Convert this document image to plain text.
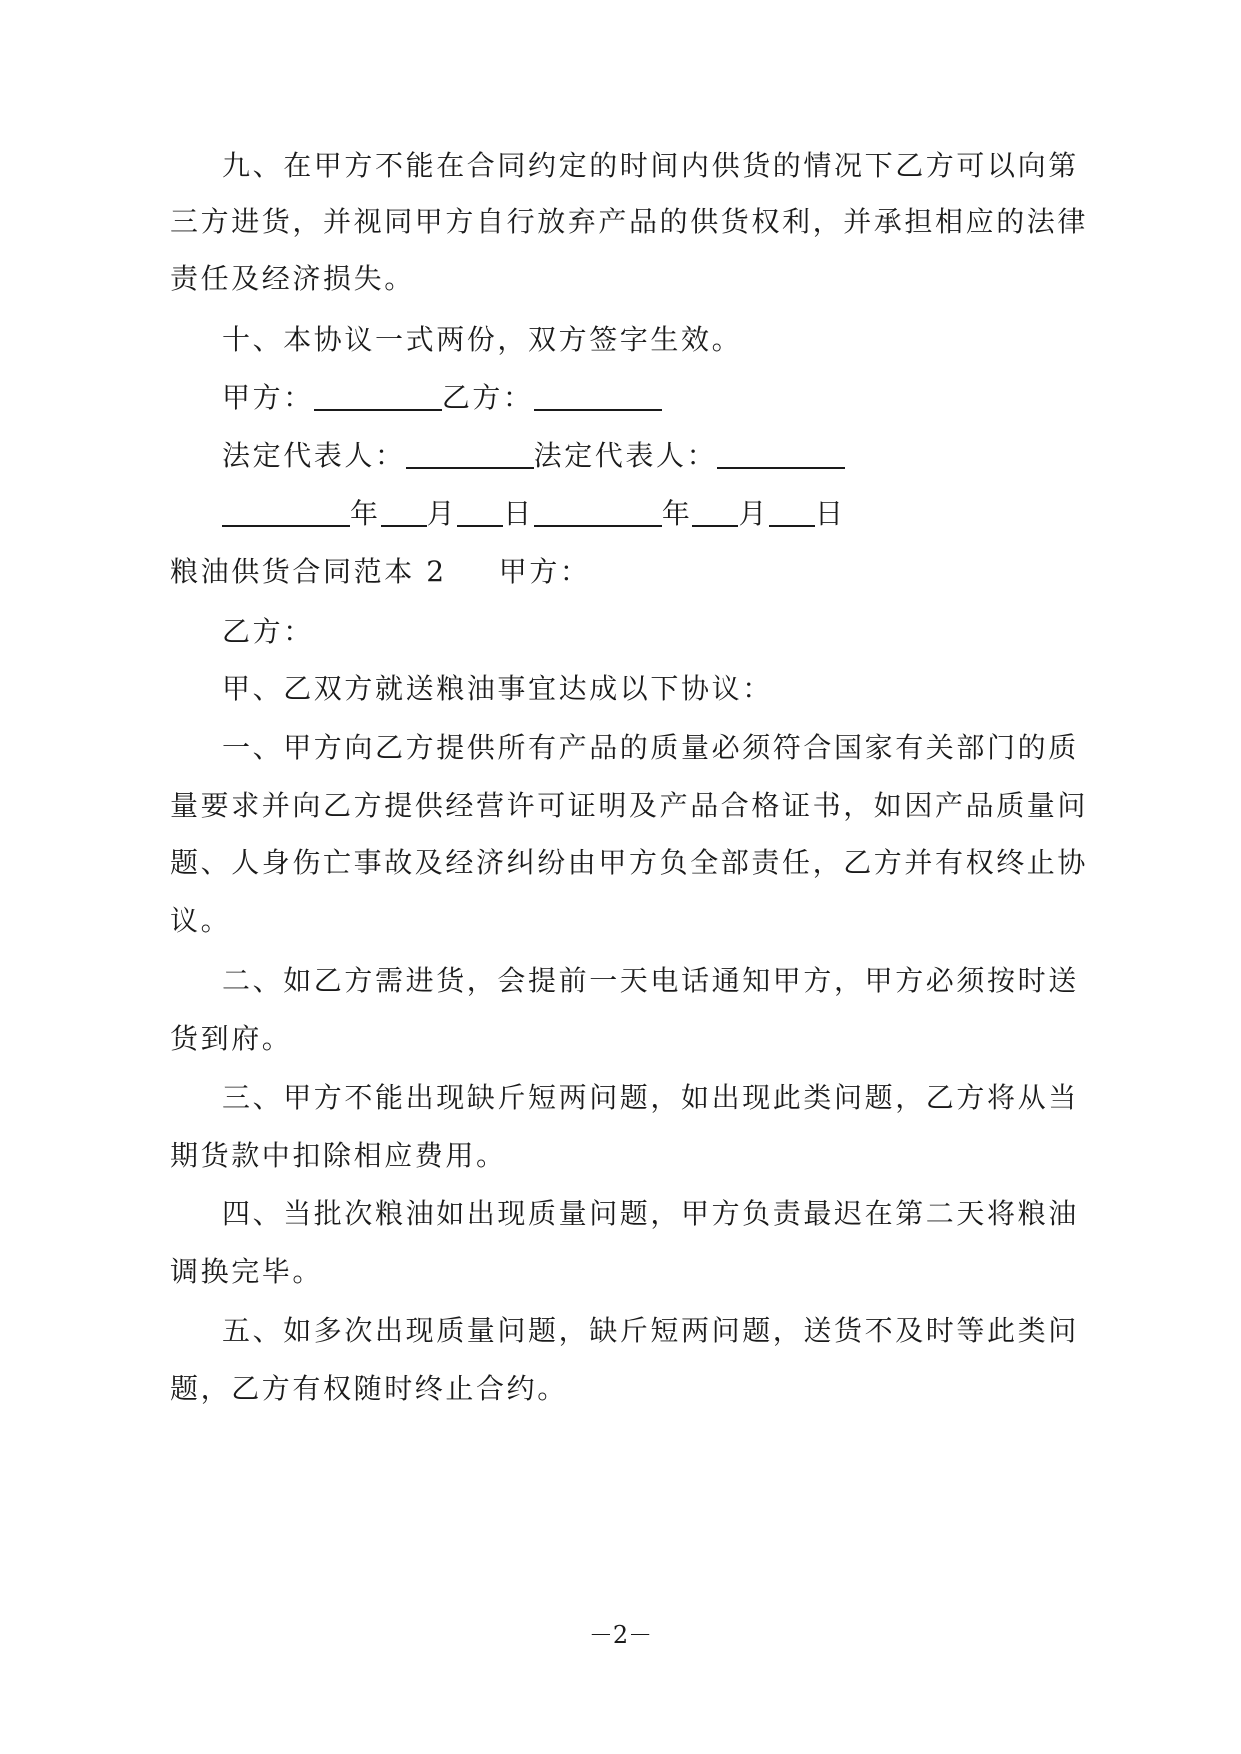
九、在甲方不能在合同约定的时间内供货的情况下乙方可以向第
三方进货，并视同甲方自行放弃产品的供货权利，并承担相应的法律
责任及经济损失。
十、本协议一式两份，双方签字生效。
甲方：	乙方：
法定代表人：	法定代表人：
年 月 日	年 月 日
粮油供货合同范本 2 甲方：
乙方：
甲、乙双方就送粮油事宜达成以下协议：
一、甲方向乙方提供所有产品的质量必须符合国家有关部门的质
量要求并向乙方提供经营许可证明及产品合格证书，如因产品质量问
题、人身伤亡事故及经济纠纷由甲方负全部责任，乙方并有权终止协
议。
二、如乙方需进货，会提前一天电话通知甲方，甲方必须按时送
货到府。
三、甲方不能出现缺斤短两问题，如出现此类问题，乙方将从当
期货款中扣除相应费用。
四、当批次粮油如出现质量问题，甲方负责最迟在第二天将粮油
调换完毕。
五、如多次出现质量问题，缺斤短两问题，送货不及时等此类问
题，乙方有权随时终止合约。
－2－
